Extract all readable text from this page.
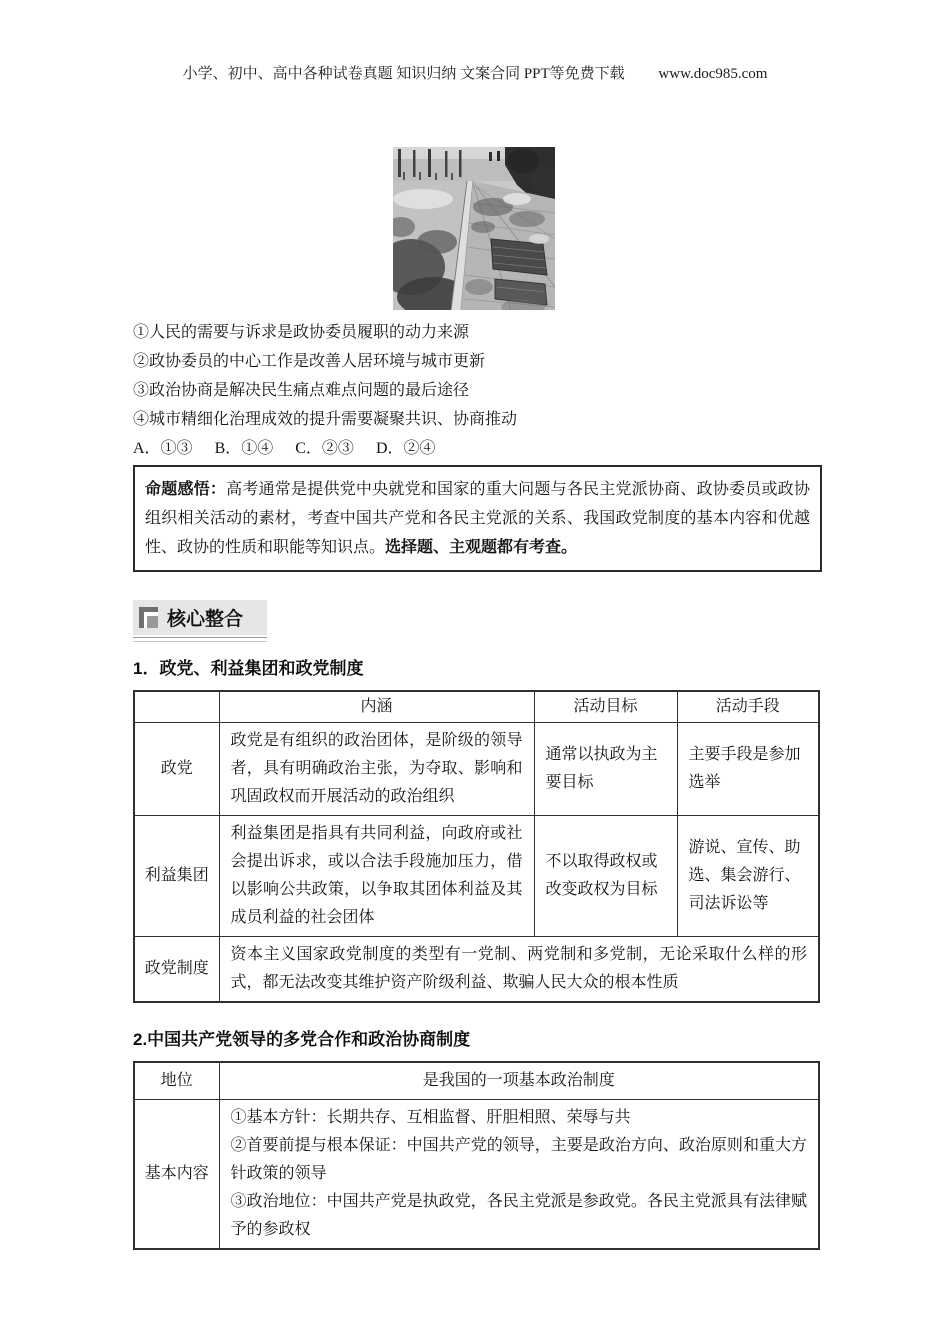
小学、初中、高中各种试卷真题 知识归纳 文案合同 PPT等免费下载 www.doc985.com
①人民的需要与诉求是政协委员履职的动力来源
②政协委员的中心工作是改善人居环境与城市更新
③政治协商是解决民生痛点难点问题的最后途径
④城市精细化治理成效的提升需要凝聚共识、协商推动
A．①③ B．①④ C．②③ D．②④
命题感悟：高考通常是提供党中央就党和国家的重大问题与各民主党派协商、政协委员或政协组织相关活动的素材，考查中国共产党和各民主党派的关系、我国政党制度的基本内容和优越性、政协的性质和职能等知识点。选择题、主观题都有考查。
核心整合
1．政党、利益集团和政党制度
	内涵	活动目标	活动手段
政党	政党是有组织的政治团体，是阶级的领导者，具有明确政治主张，为夺取、影响和巩固政权而开展活动的政治组织	通常以执政为主要目标	主要手段是参加选举
利益集团	利益集团是指具有共同利益，向政府或社会提出诉求，或以合法手段施加压力，借以影响公共政策，以争取其团体利益及其成员利益的社会团体	不以取得政权或改变政权为目标	游说、宣传、助选、集会游行、司法诉讼等
政党制度	资本主义国家政党制度的类型有一党制、两党制和多党制，无论采取什么样的形式，都无法改变其维护资产阶级利益、欺骗人民大众的根本性质		
2.中国共产党领导的多党合作和政治协商制度
地位	是我国的一项基本政治制度
基本内容	①基本方针：长期共存、互相监督、肝胆相照、荣辱与共
②首要前提与根本保证：中国共产党的领导，主要是政治方向、政治原则和重大方针政策的领导
③政治地位：中国共产党是执政党，各民主党派是参政党。各民主党派具有法律赋予的参政权
